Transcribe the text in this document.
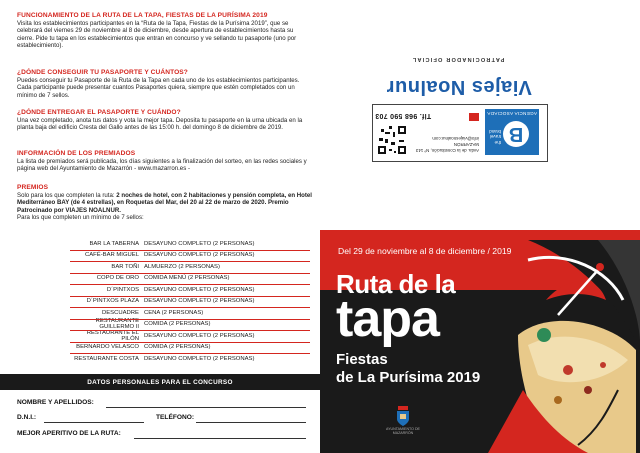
FUNCIONAMIENTO DE LA RUTA DE LA TAPA, FIESTAS DE LA PURÍSIMA 2019
Visita los establecimientos participantes en la “Ruta de la Tapa, Fiestas de la Purísima 2019”, que se celebrará del viernes 29 de noviembre al 8 de diciembre, desde apertura de establecimientos hasta su cierre. Pide tu tapa en los establecimientos que entran en concurso y ve sellando tu pasaporte (uno por establecimiento).
¿DÓNDE CONSEGUIR TU PASAPORTE Y CUÁNTOS?
Puedes conseguir tu Pasaporte de la Ruta de la Tapa en cada uno de los establecimientos participantes. Cada participante puede presentar cuantos Pasaportes quiera, siempre que estén completados con un mínimo de 7 sellos.
¿DÓNDE ENTREGAR EL PASAPORTE Y CUÁNDO?
Una vez completado, anota tus datos y vota la mejor tapa. Deposita tu pasaporte en la urna ubicada en la planta baja del edificio Cresta del Gallo antes de las 15:00 h. del domingo 8 de diciembre de 2019.
INFORMACIÓN DE LOS PREMIADOS
La lista de premiados será publicada, los días siguientes a la finalización del sorteo, en las redes sociales y página web del Ayuntamiento de Mazarrón - www.mazarron.es -
PREMIOS
Solo para los que completen la ruta: 2 noches de hotel, con 2 habitaciones y pensión completa, en Hotel Mediterráneo BAY (de 4 estrellas), en Roquetas del Mar, del 20 al 22 de marzo de 2020. Premio Patrocinado por VIAJES NOALNUR.
Para los que completen un mínimo de 7 sellos:
BAR LA TABERNA DESAYUNO COMPLETO (2 PERSONAS)
CAFÉ-BAR MIGUEL DESAYUNO COMPLETO (2 PERSONAS)
BAR TOÑI ALMUERZO (2 PERSONAS)
COPO DE ORO COMIDA MENÚ (2 PERSONAS)
D´PINTXOS DESAYUNO COMPLETO (2 PERSONAS)
D´PINTXOS PLAZA DESAYUNO COMPLETO (2 PERSONAS)
DESCUADRE CENA (2 PERSONAS)
RESTAURANTE GUILLERMO II COMIDA (2 PERSONAS)
RESTAURANTE EL PILÓN DESAYUNO COMPLETO (2 PERSONAS)
BERNARDO VELASCO COMIDA (2 PERSONAS)
RESTAURANTE COSTA DESAYUNO COMPLETO (2 PERSONAS)
DATOS PERSONALES PARA EL CONCURSO
NOMBRE Y APELLIDOS:
D.N.I.:	TELÉFONO:
MEJOR APERITIVO DE LA RUTA:
B
the travel
brand
AGENCIA ASOCIADA
Avda. de la Constitución, Nº 143
MAZARRÓN
info@viajesnoalnur.com
Tlf. 968 590 703
Viajes Noalnur
PATROCINADOR OFICIAL
Del 29 de noviembre al 8 de diciembre / 2019
Ruta de la
tapa
Fiestas
de La Purísima 2019
AYUNTAMIENTO DE MAZARRÓN
